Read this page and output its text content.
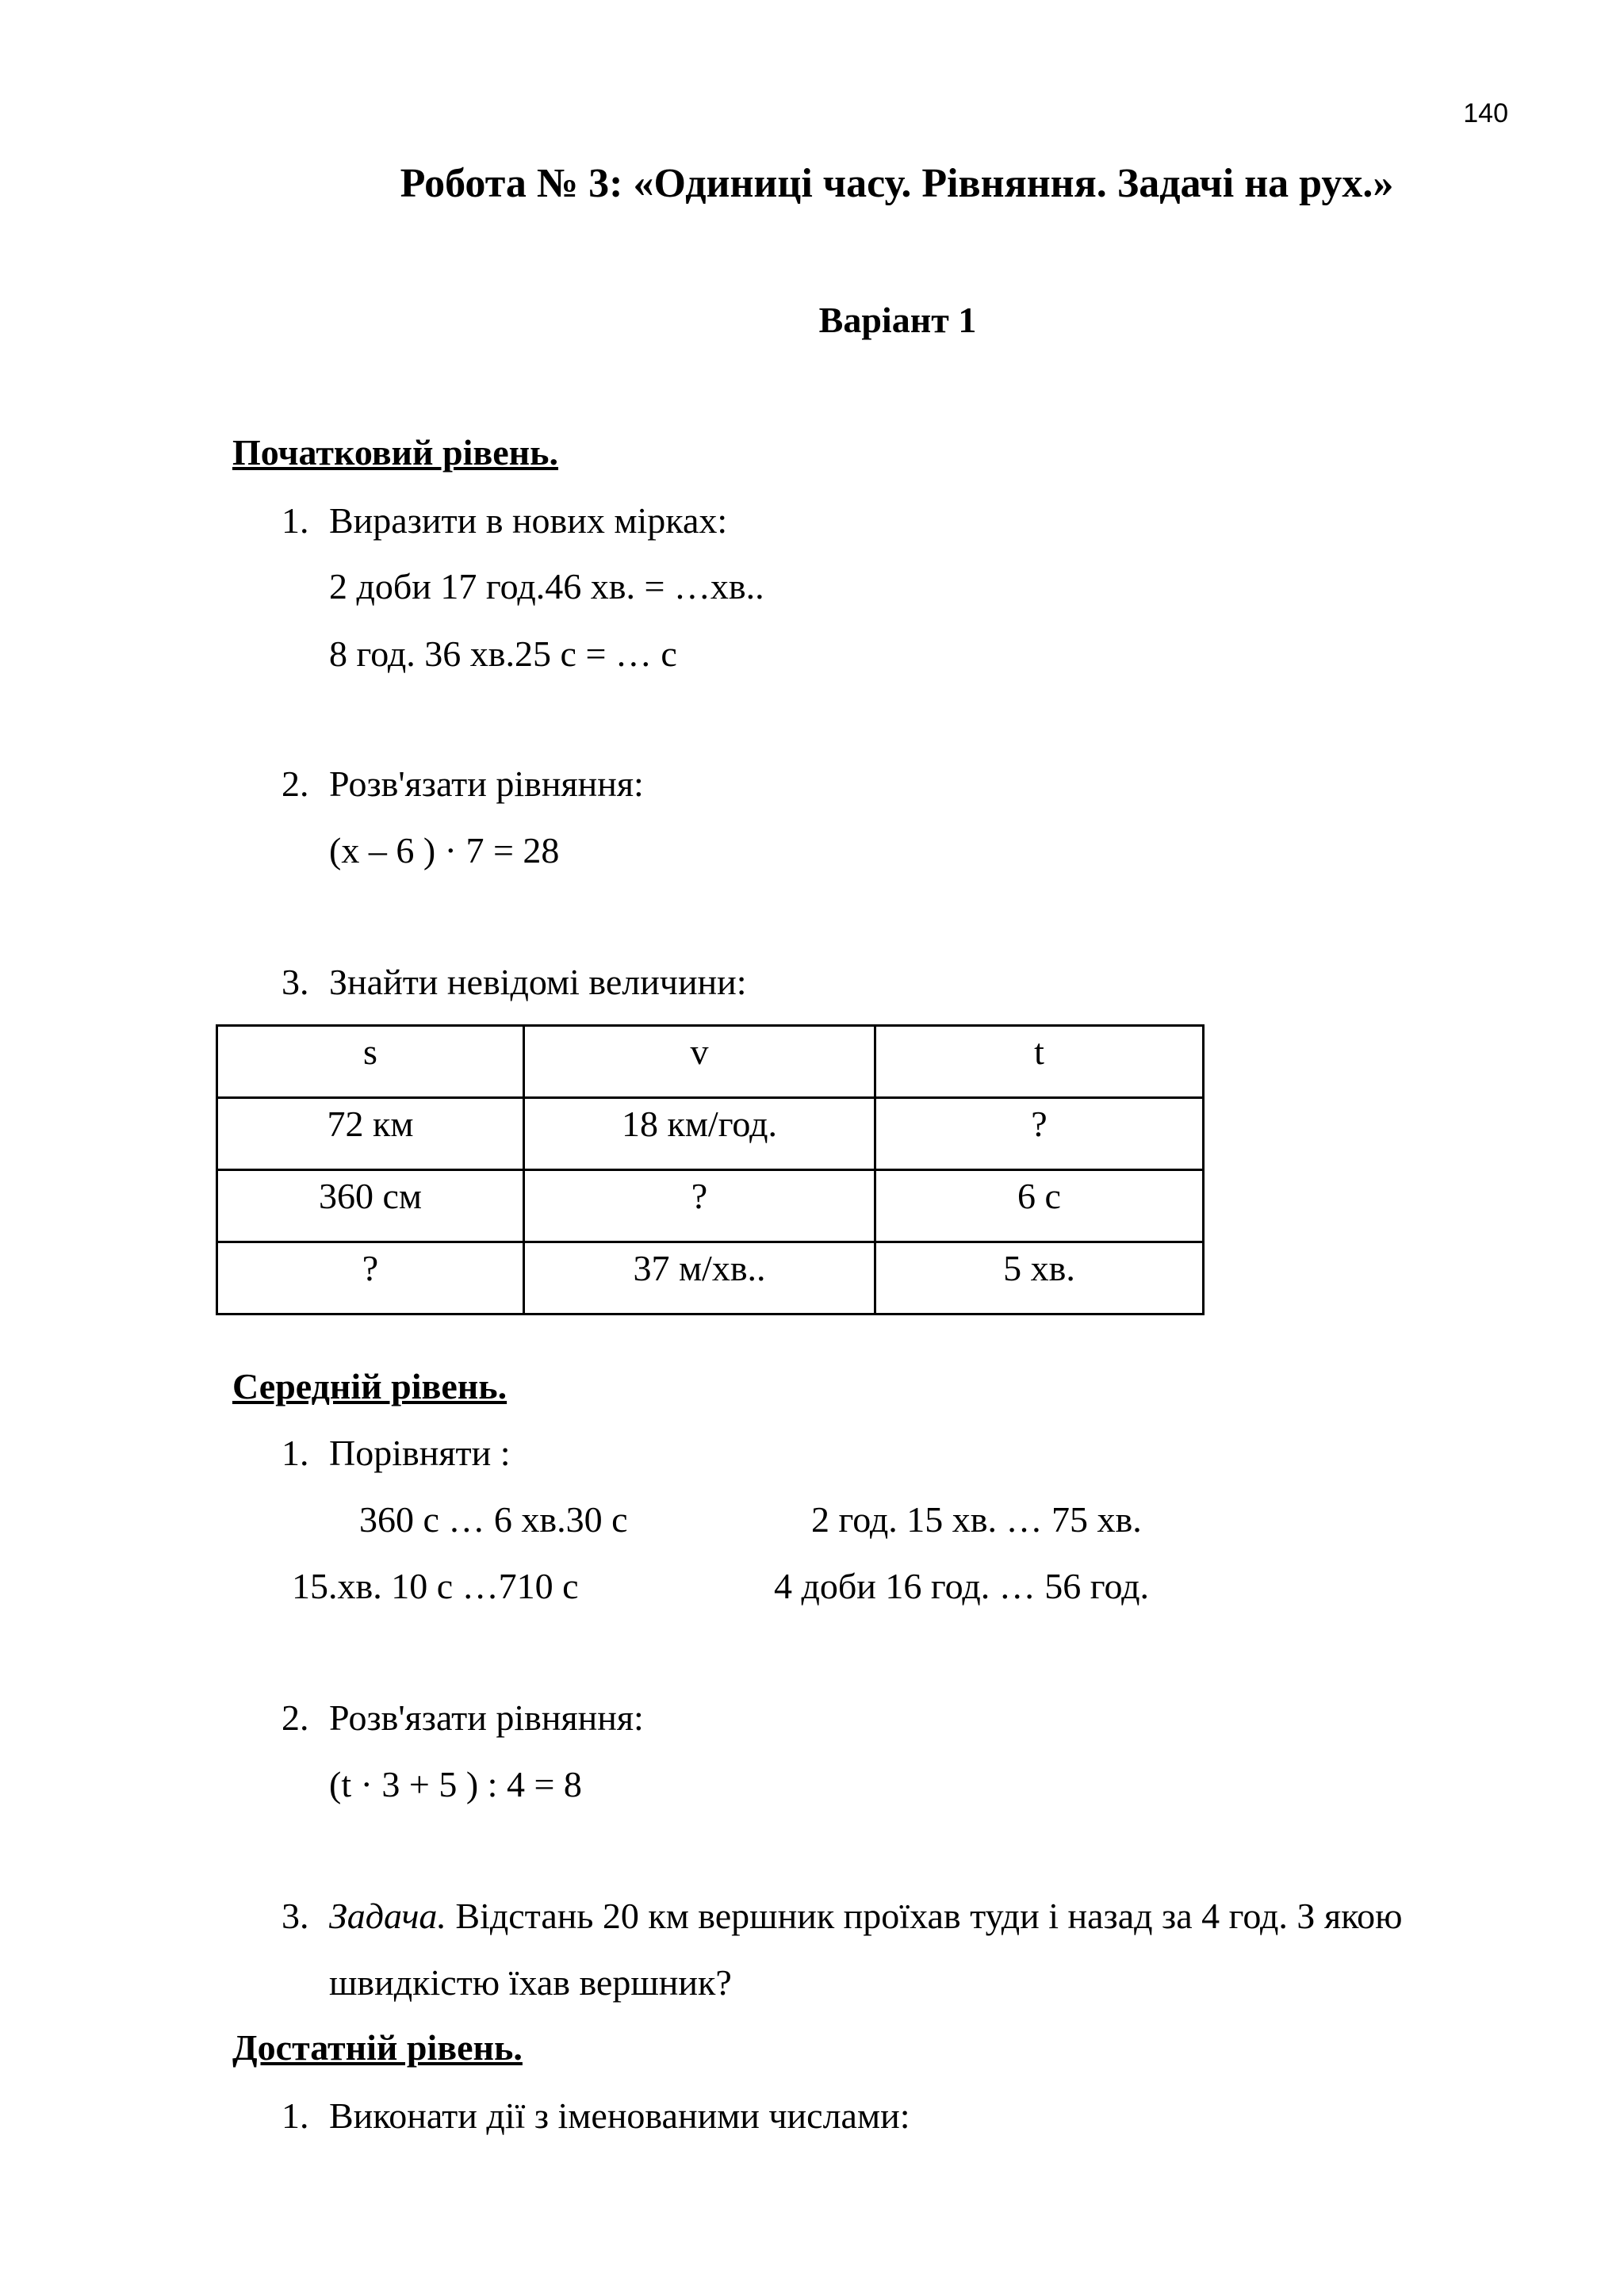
140
Робота № 3: «Одиниці часу. Рівняння. Задачі на рух.»
Варіант 1
Початковий рівень.
1. Виразити в нових мірках:
2 доби 17 год.46 хв. = …хв..
8 год. 36 хв.25 с = … с
2. Розв'язати рівняння:
(x – 6 ) · 7 = 28
3. Знайти невідомі величини:
s	v	t
72 км	18 км/год.	?
360 см	?	6 с
?	37 м/хв..	5 хв.
Середній рівень.
1. Порівняти :
360 с … 6 хв.30 с	2 год. 15 хв. … 75 хв.
15.хв. 10 с …710 с	4 доби 16 год. … 56 год.
2. Розв'язати рівняння:
(t · 3 + 5 ) : 4 = 8
3. Задача. Відстань 20 км вершник проїхав туди і назад за 4 год. З якою
швидкістю їхав вершник?
Достатній рівень.
1. Виконати дії з іменованими числами:
